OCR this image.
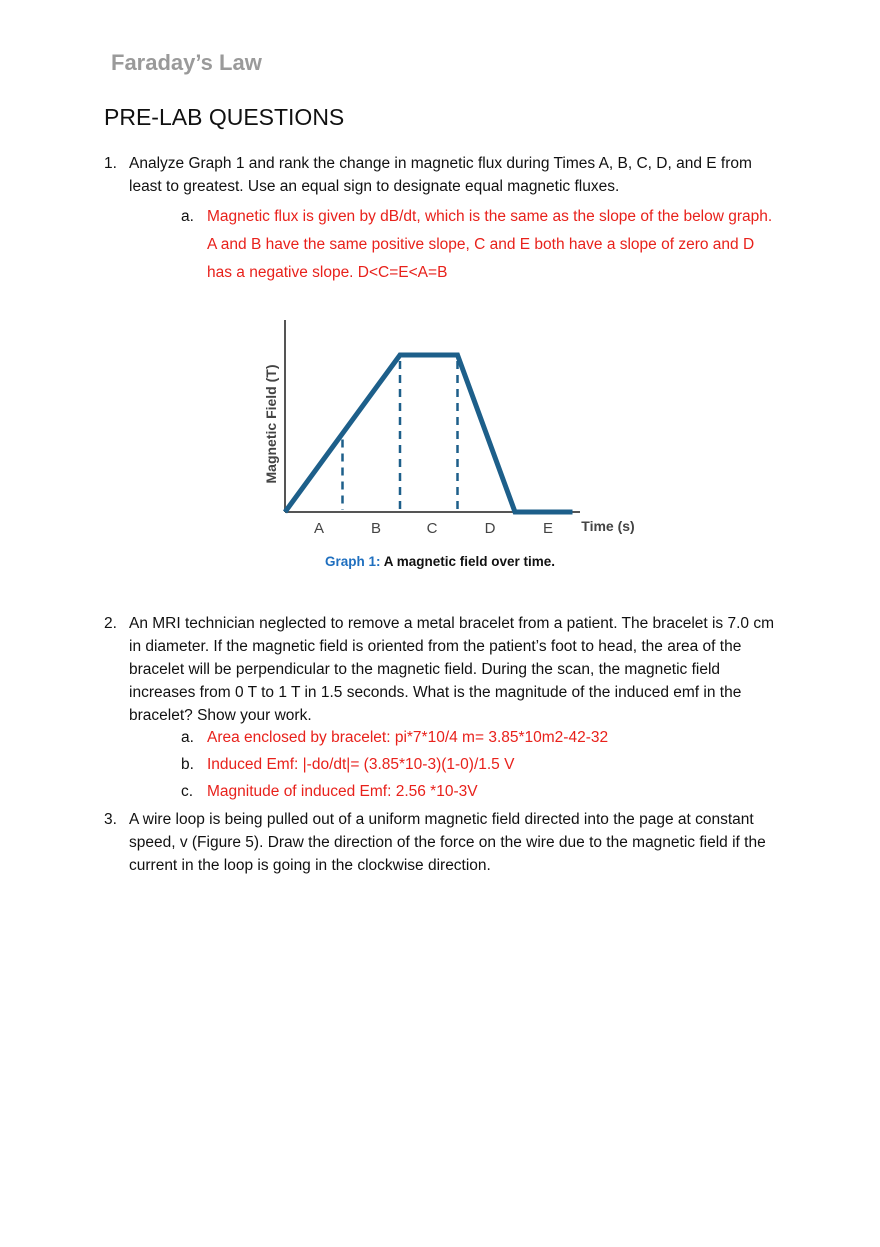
Faraday’s Law
PRE-LAB QUESTIONS
1. Analyze Graph 1 and rank the change in magnetic flux during Times A, B, C, D, and E from least to greatest. Use an equal sign to designate equal magnetic fluxes.
a. Magnetic flux is given by dB/dt, which is the same as the slope of the below graph. A and B have the same positive slope, C and E both have a slope of zero and D has a negative slope. D<C=E<A=B
Magnetic Field (T)
Time (s)
A	B	C	D	E
Graph 1: A magnetic field over time.
2. An MRI technician neglected to remove a metal bracelet from a patient. The bracelet is 7.0 cm in diameter. If the magnetic field is oriented from the patient’s foot to head, the area of the bracelet will be perpendicular to the magnetic field. During the scan, the magnetic field increases from 0 T to 1 T in 1.5 seconds. What is the magnitude of the induced emf in the bracelet? Show your work.
a. Area enclosed by bracelet: pi*7*10/4 m= 3.85*10m2-42-32
b. Induced Emf: |-do/dt|= (3.85*10-3)(1-0)/1.5 V
c. Magnitude of induced Emf: 2.56 *10-3V
3. A wire loop is being pulled out of a uniform magnetic field directed into the page at constant speed, v (Figure 5). Draw the direction of the force on the wire due to the magnetic field if the current in the loop is going in the clockwise direction.
